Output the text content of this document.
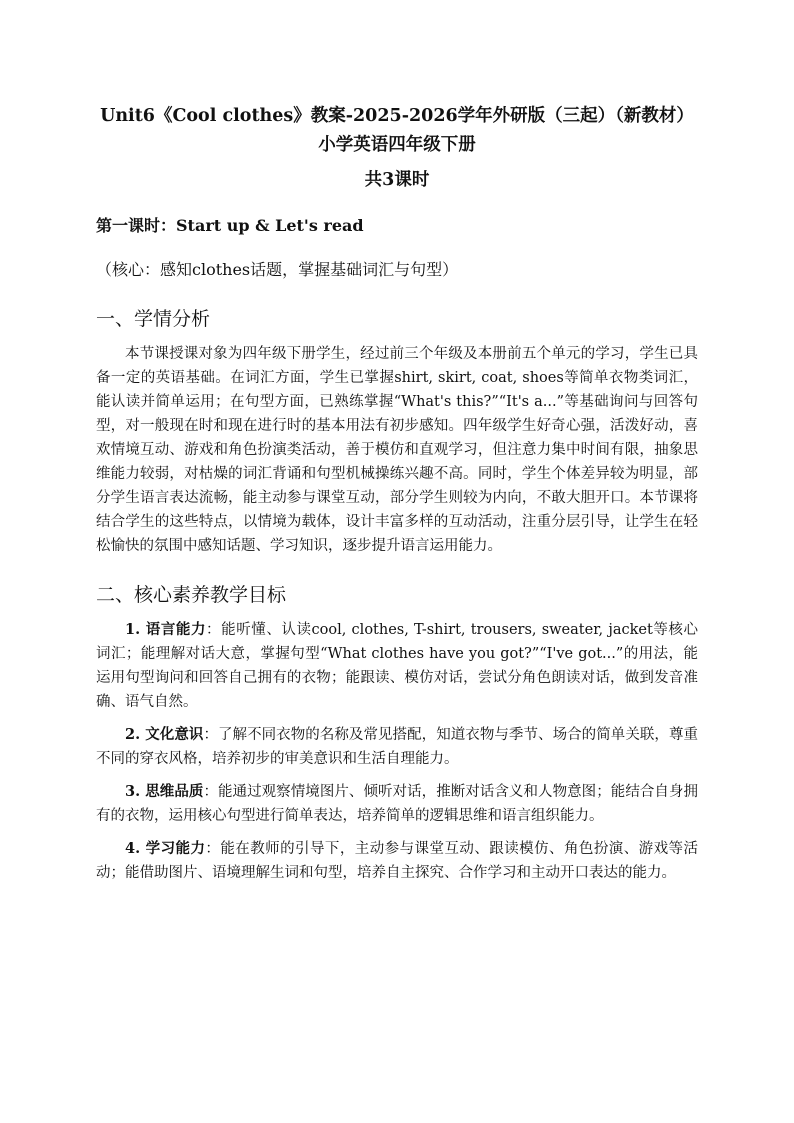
Unit6《Cool clothes》教案-2025-2026学年外研版（三起）（新教材）小学英语四年级下册

共3课时

第一课时：Start up & Let's read

（核心：感知clothes话题，掌握基础词汇与句型）

一、学情分析

本节课授课对象为四年级下册学生，经过前三个年级及本册前五个单元的学习，学生已具备一定的英语基础。在词汇方面，学生已掌握shirt, skirt, coat, shoes等简单衣物类词汇，能认读并简单运用；在句型方面，已熟练掌握“What's this?”“It's a...”等基础询问与回答句型，对一般现在时和现在进行时的基本用法有初步感知。四年级学生好奇心强，活泼好动，喜欢情境互动、游戏和角色扮演类活动，善于模仿和直观学习，但注意力集中时间有限，抽象思维能力较弱，对枯燥的词汇背诵和句型机械操练兴趣不高。同时，学生个体差异较为明显，部分学生语言表达流畅，能主动参与课堂互动，部分学生则较为内向，不敢大胆开口。本节课将结合学生的这些特点，以情境为载体，设计丰富多样的互动活动，注重分层引导，让学生在轻松愉快的氛围中感知话题、学习知识，逐步提升语言运用能力。

二、核心素养教学目标

1. 语言能力：能听懂、认读cool, clothes, T-shirt, trousers, sweater, jacket等核心词汇；能理解对话大意，掌握句型“What clothes have you got?”“I've got...”的用法，能运用句型询问和回答自己拥有的衣物；能跟读、模仿对话，尝试分角色朗读对话，做到发音准确、语气自然。

2. 文化意识：了解不同衣物的名称及常见搭配，知道衣物与季节、场合的简单关联，尊重不同的穿衣风格，培养初步的审美意识和生活自理能力。

3. 思维品质：能通过观察情境图片、倾听对话，推断对话含义和人物意图；能结合自身拥有的衣物，运用核心句型进行简单表达，培养简单的逻辑思维和语言组织能力。

4. 学习能力：能在教师的引导下，主动参与课堂互动、跟读模仿、角色扮演、游戏等活动；能借助图片、语境理解生词和句型，培养自主探究、合作学习和主动开口表达的能力。
